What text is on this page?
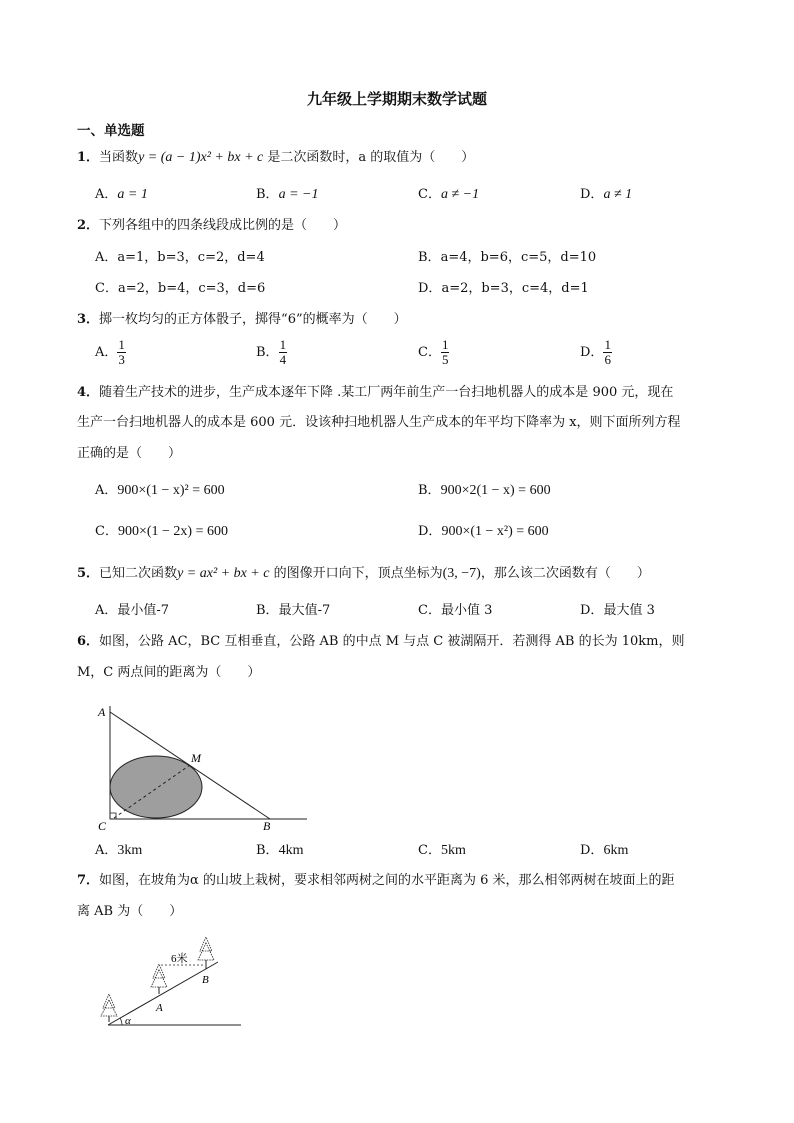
九年级上学期期末数学试题
一、单选题
1．当函数y = (a − 1)x² + bx + c 是二次函数时，a 的取值为（　　）
A．a = 1	B．a = −1	C．a ≠ −1	D．a ≠ 1
2．下列各组中的四条线段成比例的是（　　）
A．a=1，b=3，c=2，d=4	B．a=4，b=6，c=5，d=10
C．a=2，b=4，c=3，d=6	D．a=2，b=3，c=4，d=1
3．掷一枚均匀的正方体骰子，掷得“6”的概率为（　　）
A． $\frac{1}{3}$	B． $\frac{1}{4}$	C． $\frac{1}{5}$	D． $\frac{1}{6}$
4．随着生产技术的进步，生产成本逐年下降 .某工厂两年前生产一台扫地机器人的成本是 900 元，现在
生产一台扫地机器人的成本是 600 元．设该种扫地机器人生产成本的年平均下降率为 x，则下面所列方程
正确的是（　　）
A．900×(1 − x)² = 600	B．900×2(1 − x) = 600
C．900×(1 − 2x) = 600	D．900×(1 − x²) = 600
5．已知二次函数y = ax² + bx + c 的图像开口向下，顶点坐标为(3, −7)，那么该二次函数有（　　）
A．最小值-7	B．最大值-7	C．最小值 3	D．最大值 3
6．如图，公路 AC，BC 互相垂直，公路 AB 的中点 M 与点 C 被湖隔开．若测得 AB 的长为 10km，则
M，C 两点间的距离为（　　）
A
M
C	B
A．3km	B．4km	C．5km	D．6km
7．如图，在坡角为α 的山坡上栽树，要求相邻两树之间的水平距离为 6 米，那么相邻两树在坡面上的距
离 AB 为（　　）
6米
A
B
α
